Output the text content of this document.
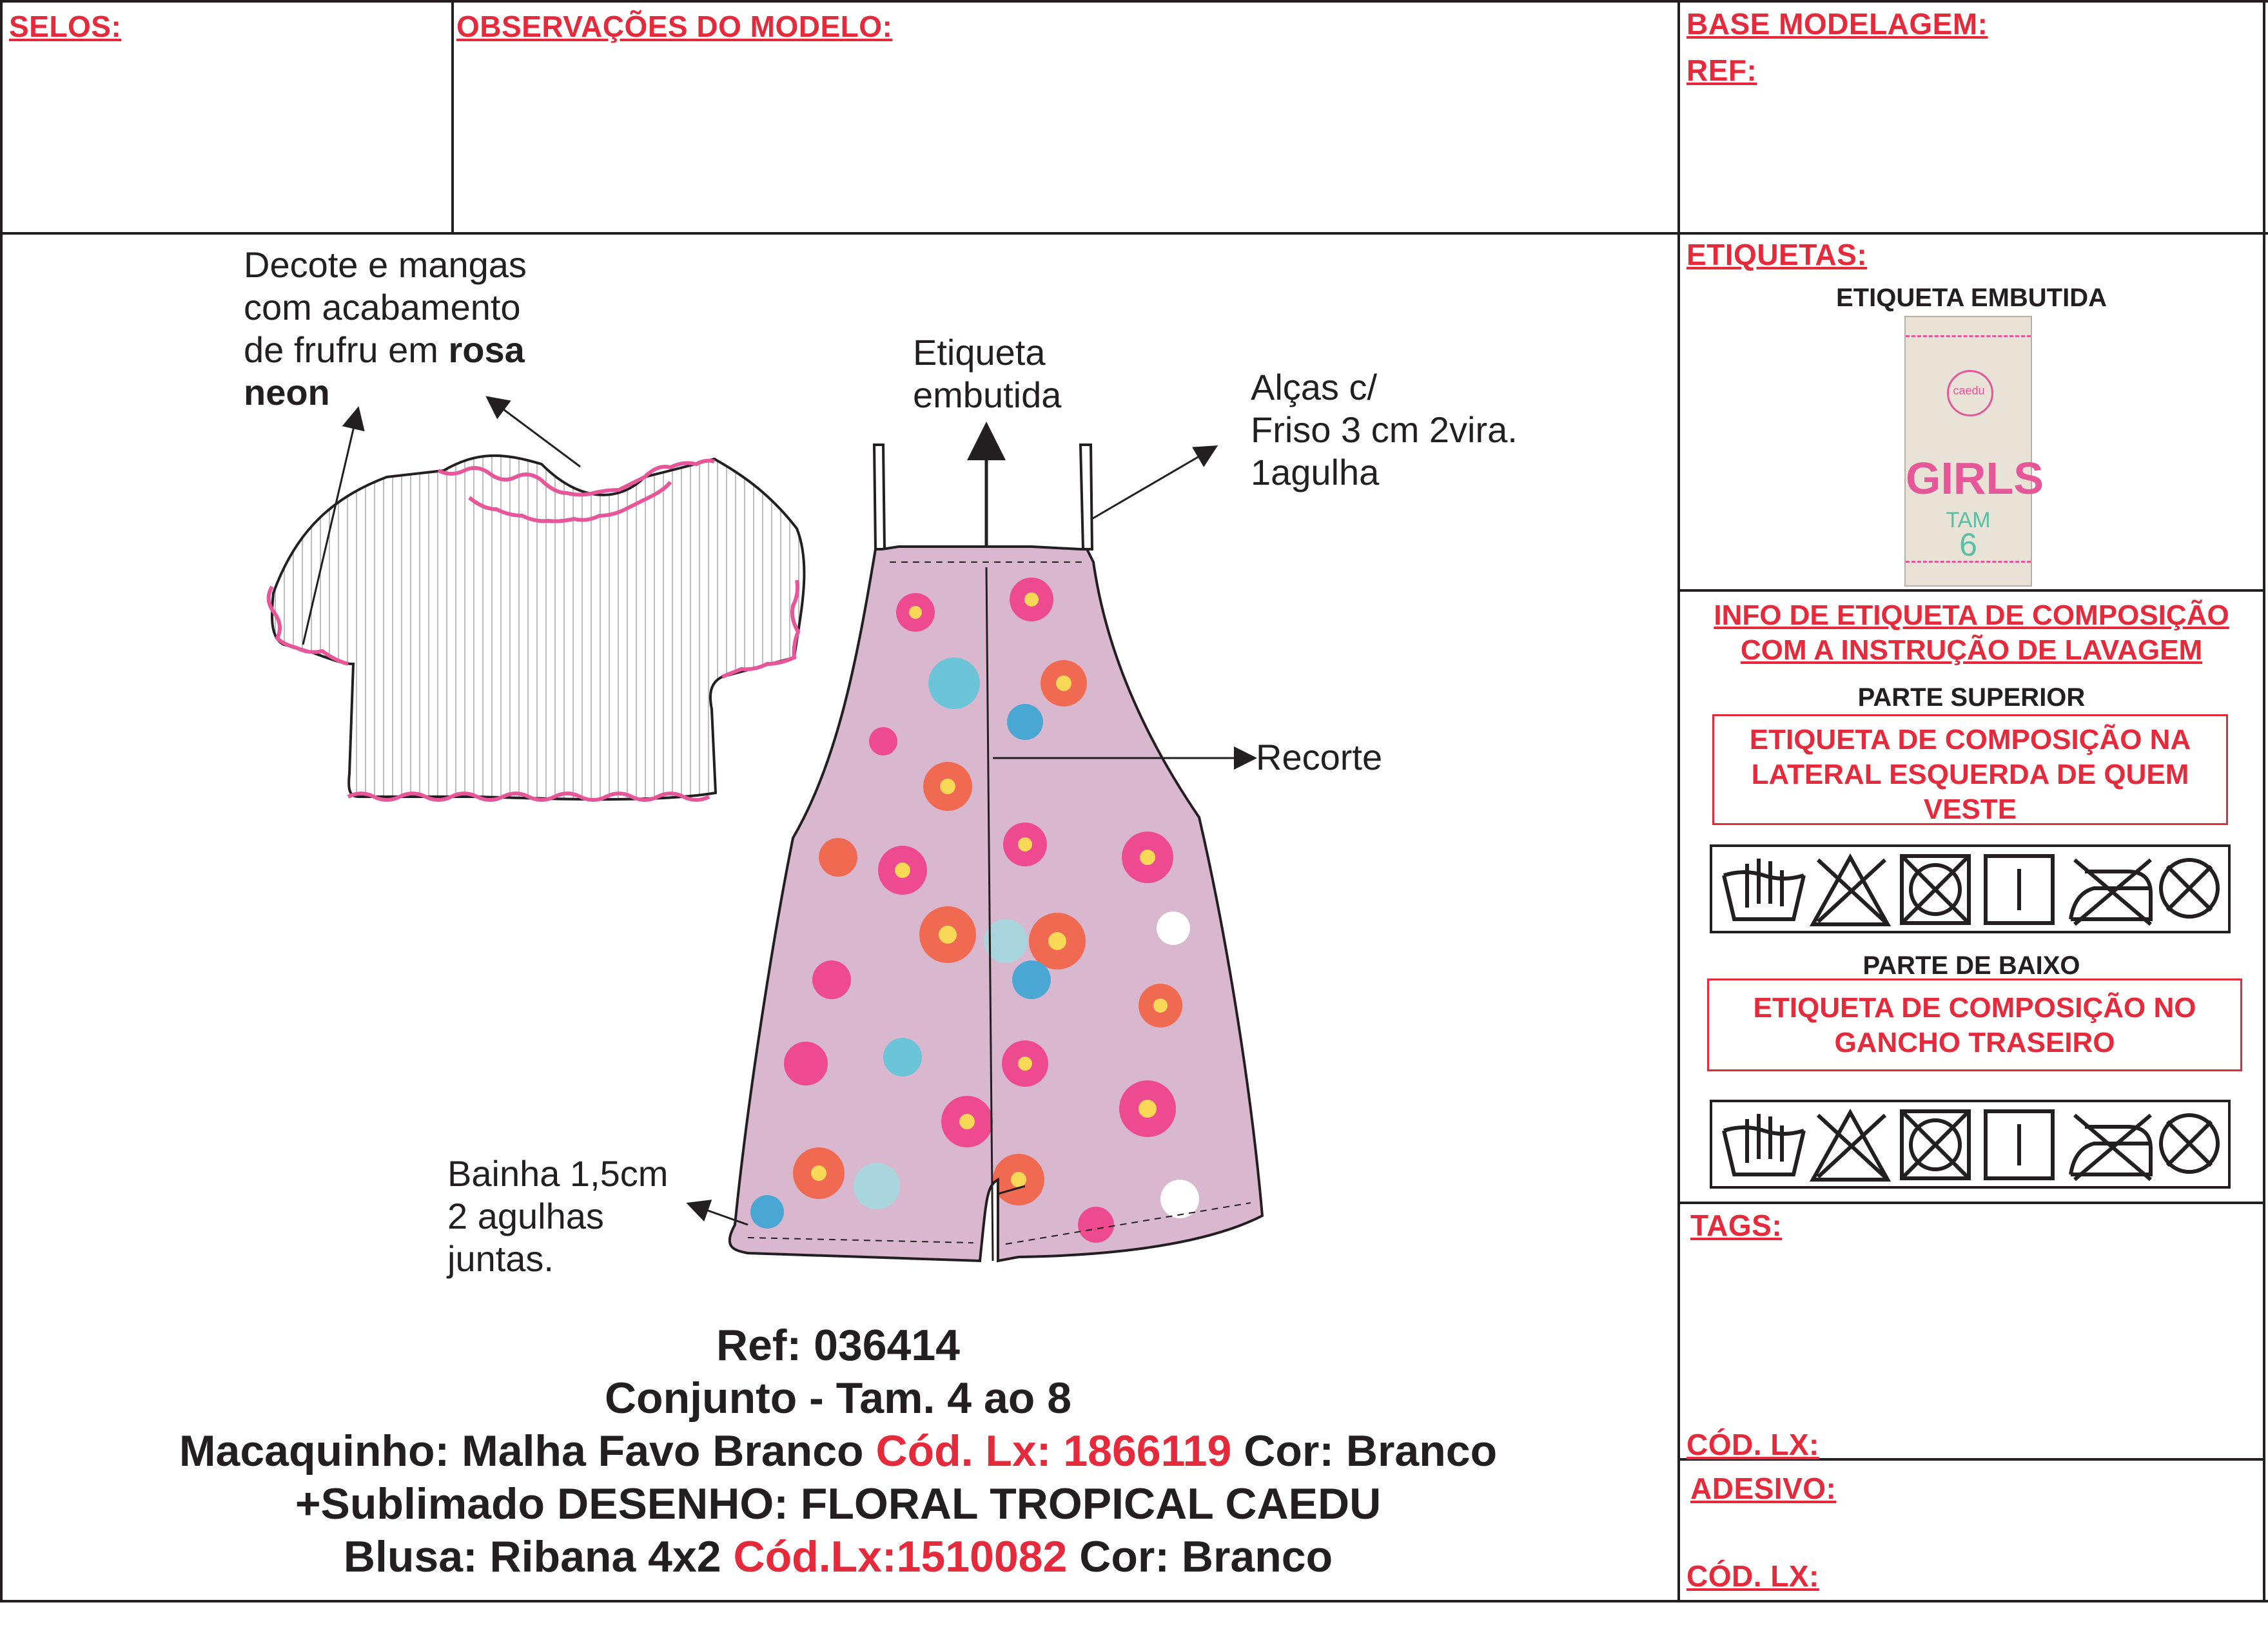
SELOS:	OBSERVAÇÕES DO MODELO:	BASE MODELAGEM:
REF:
Decote e mangas
com acabamento
de frufru em rosa
neon
Etiqueta
embutida	Alças c/
Friso 3 cm 2vira.
1agulha
Recorte
Bainha 1,5cm
2 agulhas
juntas.
Ref: 036414
Conjunto - Tam. 4 ao 8
Macaquinho: Malha Favo Branco Cód. Lx: 1866119 Cor: Branco
+Sublimado DESENHO: FLORAL TROPICAL CAEDU
Blusa: Ribana 4x2 Cód.Lx:1510082 Cor: Branco
ETIQUETAS:
ETIQUETA EMBUTIDA
caedu
GIRLS
TAM
6
INFO DE ETIQUETA DE COMPOSIÇÃO
COM A INSTRUÇÃO DE LAVAGEM
PARTE SUPERIOR
ETIQUETA DE COMPOSIÇÃO NA LATERAL ESQUERDA DE QUEM VESTE
PARTE DE BAIXO
ETIQUETA DE COMPOSIÇÃO NO GANCHO TRASEIRO
TAGS:
CÓD. LX:
ADESIVO:
CÓD. LX:
